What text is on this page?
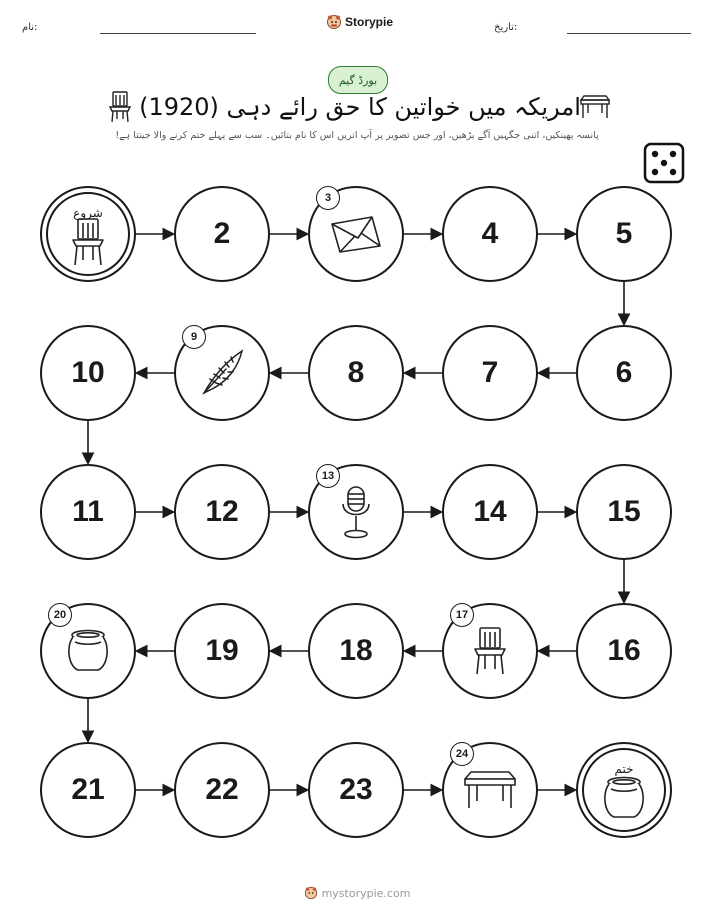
نام:	Storypie	تاریخ:
بورڈ گیم
امریکہ میں خواتین کا حق رائے دہی (1920)
پانسہ پھینکیں، اتنی جگہیں آگے بڑھیں، اور جس تصویر پر آپ اتریں اس کا نام بتائیں۔ سب سے پہلے ختم کرنے والا جیتتا ہے!
شروع
2
3
4	5
6
7
8
9
10
11	12
13
14	15
16
17
18
19
20
21	22	23
24
ختم
mystorypie.com
